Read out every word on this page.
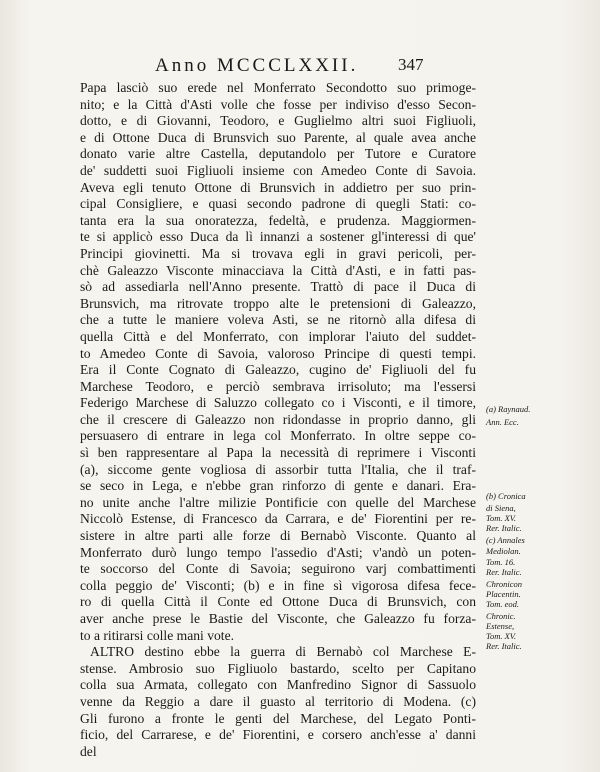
Anno MCCCLXXII. 347
Papa lasciò suo erede nel Monferrato Secondotto suo primoge-
nito; e la Città d'Asti volle che fosse per indiviso d'esso Secon-
dotto, e di Giovanni, Teodoro, e Guglielmo altri suoi Figliuoli,
e di Ottone Duca di Brunsvich suo Parente, al quale avea anche
donato varie altre Castella, deputandolo per Tutore e Curatore
de' suddetti suoi Figliuoli insieme con Amedeo Conte di Savoia.
Aveva egli tenuto Ottone di Brunsvich in addietro per suo prin-
cipal Consigliere, e quasi secondo padrone di quegli Stati: co-
tanta era la sua onoratezza, fedeltà, e prudenza. Maggiormen-
te si applicò esso Duca da lì innanzi a sostener gl'interessi di que'
Principi giovinetti. Ma si trovava egli in gravi pericoli, per-
chè Galeazzo Visconte minacciava la Città d'Asti, e in fatti pas-
sò ad assediarla nell'Anno presente. Trattò di pace il Duca di
Brunsvich, ma ritrovate troppo alte le pretensioni di Galeazzo,
che a tutte le maniere voleva Asti, se ne ritornò alla difesa di
quella Città e del Monferrato, con implorar l'aiuto del suddet-
to Amedeo Conte di Savoia, valoroso Principe di questi tempi.
Era il Conte Cognato di Galeazzo, cugino de' Figliuoli del fu
Marchese Teodoro, e perciò sembrava irrisoluto; ma l'essersi
Federigo Marchese di Saluzzo collegato co i Visconti, e il timore,
che il crescere di Galeazzo non ridondasse in proprio danno, gli
persuasero di entrare in lega col Monferrato. In oltre seppe co-
sì ben rappresentare al Papa la necessità di reprimere i Visconti
(a), siccome gente vogliosa di assorbir tutta l'Italia, che il traf-
se seco in Lega, e n'ebbe gran rinforzo di gente e danari. Era-
no unite anche l'altre milizie Pontificie con quelle del Marchese
Niccolò Estense, di Francesco da Carrara, e de' Fiorentini per re-
sistere in altre parti alle forze di Bernabò Visconte. Quanto al
Monferrato durò lungo tempo l'assedio d'Asti; v'andò un poten-
te soccorso del Conte di Savoia; seguirono varj combattimenti
colla peggio de' Visconti; (b) e in fine sì vigorosa difesa fece-
ro di quella Città il Conte ed Ottone Duca di Brunsvich, con
aver anche prese le Bastie del Visconte, che Galeazzo fu forza-
to a ritirarsi colle mani vote.
ALTRO destino ebbe la guerra di Bernabò col Marchese E-
stense. Ambrosio suo Figliuolo bastardo, scelto per Capitano
colla sua Armata, collegato con Manfredino Signor di Sassuolo
venne da Reggio a dare il guasto al territorio di Modena. (c)
Gli furono a fronte le genti del Marchese, del Legato Ponti-
ficio, del Carrarese, e de' Fiorentini, e corsero anch'esse a' danni
del
(a) Raynaud.
Ann. Ecc.
(b) Cronica
di Siena,
Tom. XV.
Rer. Italic.
(c) Annales
Mediolan.
Tom. 16.
Rer. Italic.
Chronicon
Placentin.
Tom. eod.
Chronic.
Estense,
Tom. XV.
Rer. Italic.
